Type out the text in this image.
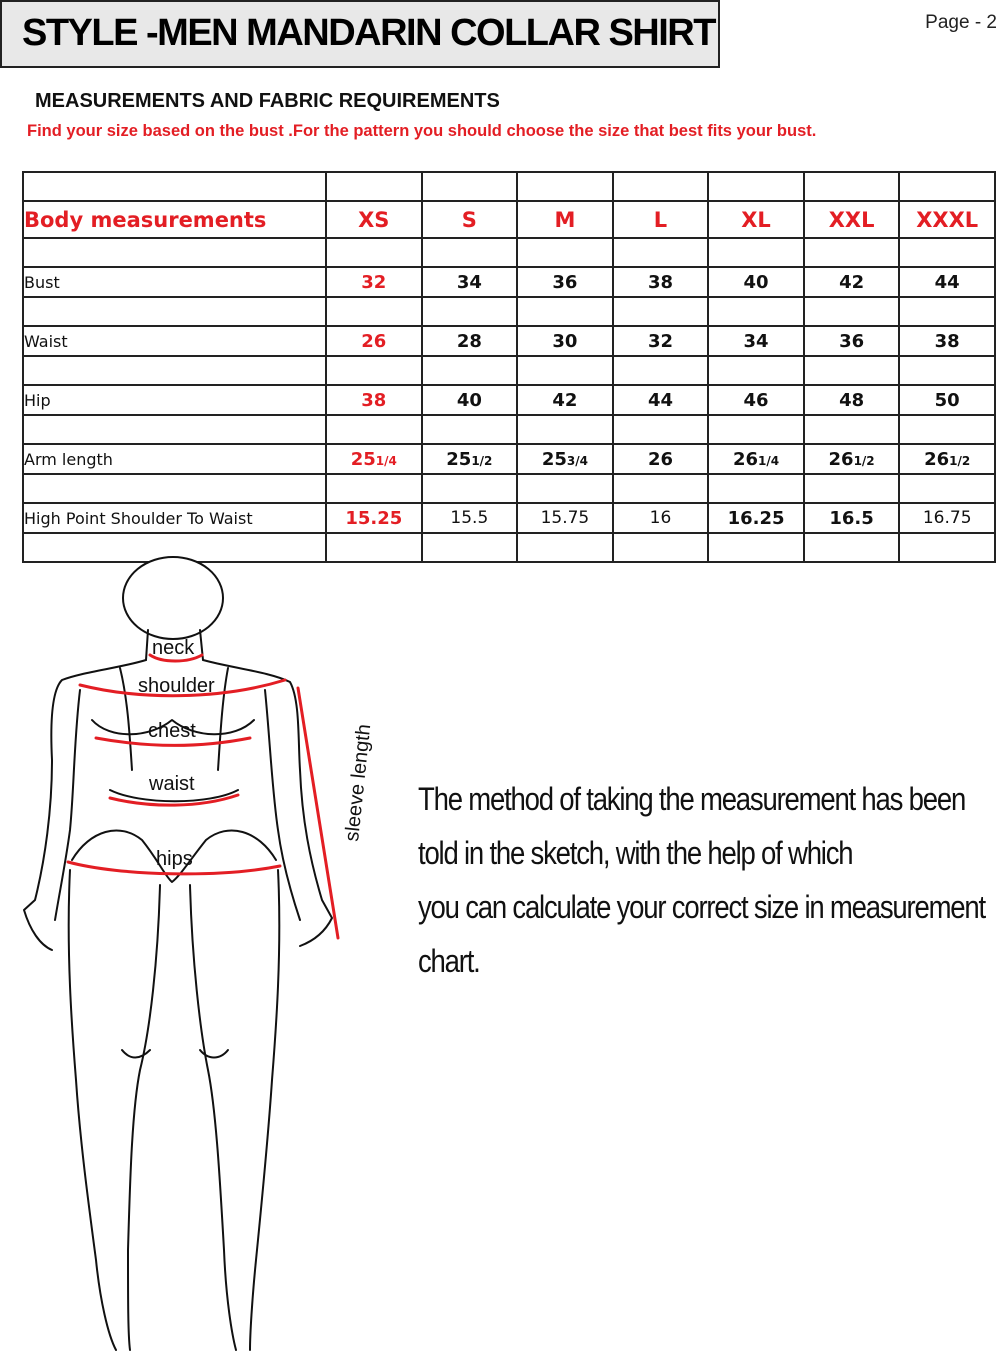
STYLE -MEN MANDARIN COLLAR SHIRT	Page - 2
MEASUREMENTS AND FABRIC REQUIREMENTS
Find your size based on the bust .For the pattern you should choose the size that best fits your bust.

Body measurements	XS	S	M	L	XL	XXL	XXXL

Bust	32	34	36	38	40	42	44

Waist	26	28	30	32	34	36	38

Hip	38	40	42	44	46	48	50

Arm length	251/4	251/2	253/4	26	261/4	261/2	261/2

High Point Shoulder To Waist	15.25	15.5	15.75	16	16.25	16.5	16.75

neck
shoulder
chest
waist
hips
sleeve length The method of taking the measurement has been
told in the sketch, with the help of which
you can calculate your correct size in measurement
chart.
